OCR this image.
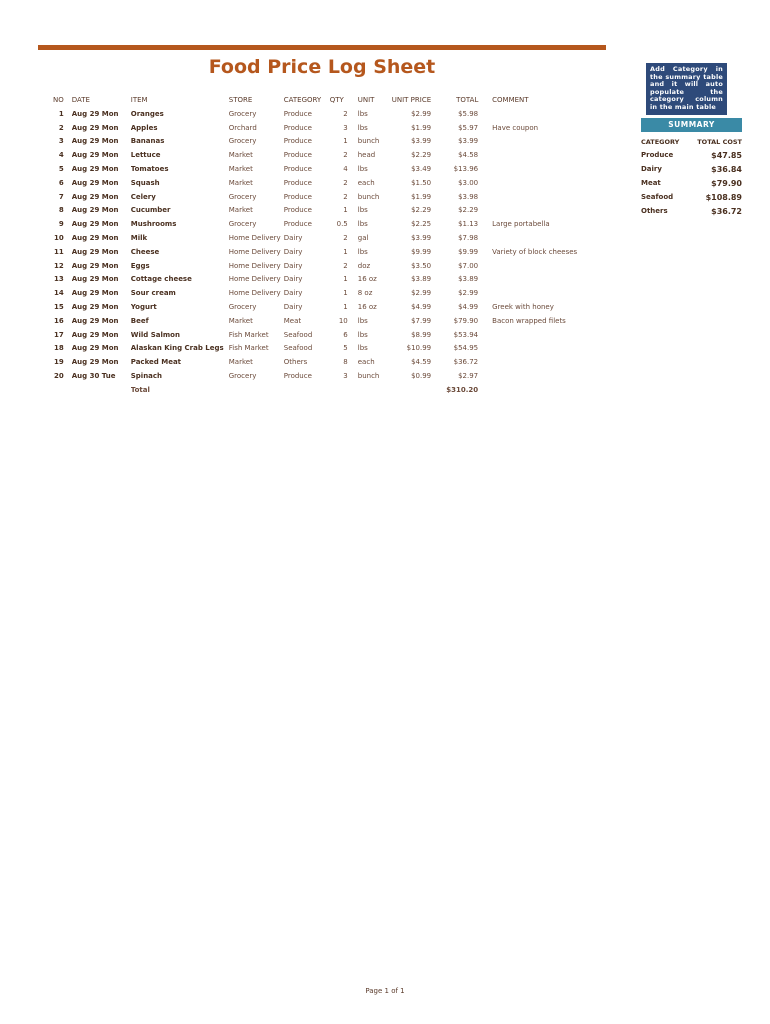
Food Price Log Sheet
NO	DATE	ITEM	STORE	CATEGORY	QTY	UNIT	UNIT PRICE	TOTAL	COMMENT
1	Aug 29 Mon	Oranges	Grocery	Produce	2	lbs	$2.99	$5.98	
2	Aug 29 Mon	Apples	Orchard	Produce	3	lbs	$1.99	$5.97	Have coupon
3	Aug 29 Mon	Bananas	Grocery	Produce	1	bunch	$3.99	$3.99	
4	Aug 29 Mon	Lettuce	Market	Produce	2	head	$2.29	$4.58	
5	Aug 29 Mon	Tomatoes	Market	Produce	4	lbs	$3.49	$13.96	
6	Aug 29 Mon	Squash	Market	Produce	2	each	$1.50	$3.00	
7	Aug 29 Mon	Celery	Grocery	Produce	2	bunch	$1.99	$3.98	
8	Aug 29 Mon	Cucumber	Market	Produce	1	lbs	$2.29	$2.29	
9	Aug 29 Mon	Mushrooms	Grocery	Produce	0.5	lbs	$2.25	$1.13	Large portabella
10	Aug 29 Mon	Milk	Home Delivery	Dairy	2	gal	$3.99	$7.98	
11	Aug 29 Mon	Cheese	Home Delivery	Dairy	1	lbs	$9.99	$9.99	Variety of block cheeses
12	Aug 29 Mon	Eggs	Home Delivery	Dairy	2	doz	$3.50	$7.00	
13	Aug 29 Mon	Cottage cheese	Home Delivery	Dairy	1	16 oz	$3.89	$3.89	
14	Aug 29 Mon	Sour cream	Home Delivery	Dairy	1	8 oz	$2.99	$2.99	
15	Aug 29 Mon	Yogurt	Grocery	Dairy	1	16 oz	$4.99	$4.99	Greek with honey
16	Aug 29 Mon	Beef	Market	Meat	10	lbs	$7.99	$79.90	Bacon wrapped filets
17	Aug 29 Mon	Wild Salmon	Fish Market	Seafood	6	lbs	$8.99	$53.94	
18	Aug 29 Mon	Alaskan King Crab Legs	Fish Market	Seafood	5	lbs	$10.99	$54.95	
19	Aug 29 Mon	Packed Meat	Market	Others	8	each	$4.59	$36.72	
20	Aug 30 Tue	Spinach	Grocery	Produce	3	bunch	$0.99	$2.97	
		Total						$310.20	
Add Category in the summary table and it will auto populate the category column in the main table
SUMMARY
CATEGORY	TOTAL COST
Produce	$47.85
Dairy	$36.84
Meat	$79.90
Seafood	$108.89
Others	$36.72
Page 1 of 1
